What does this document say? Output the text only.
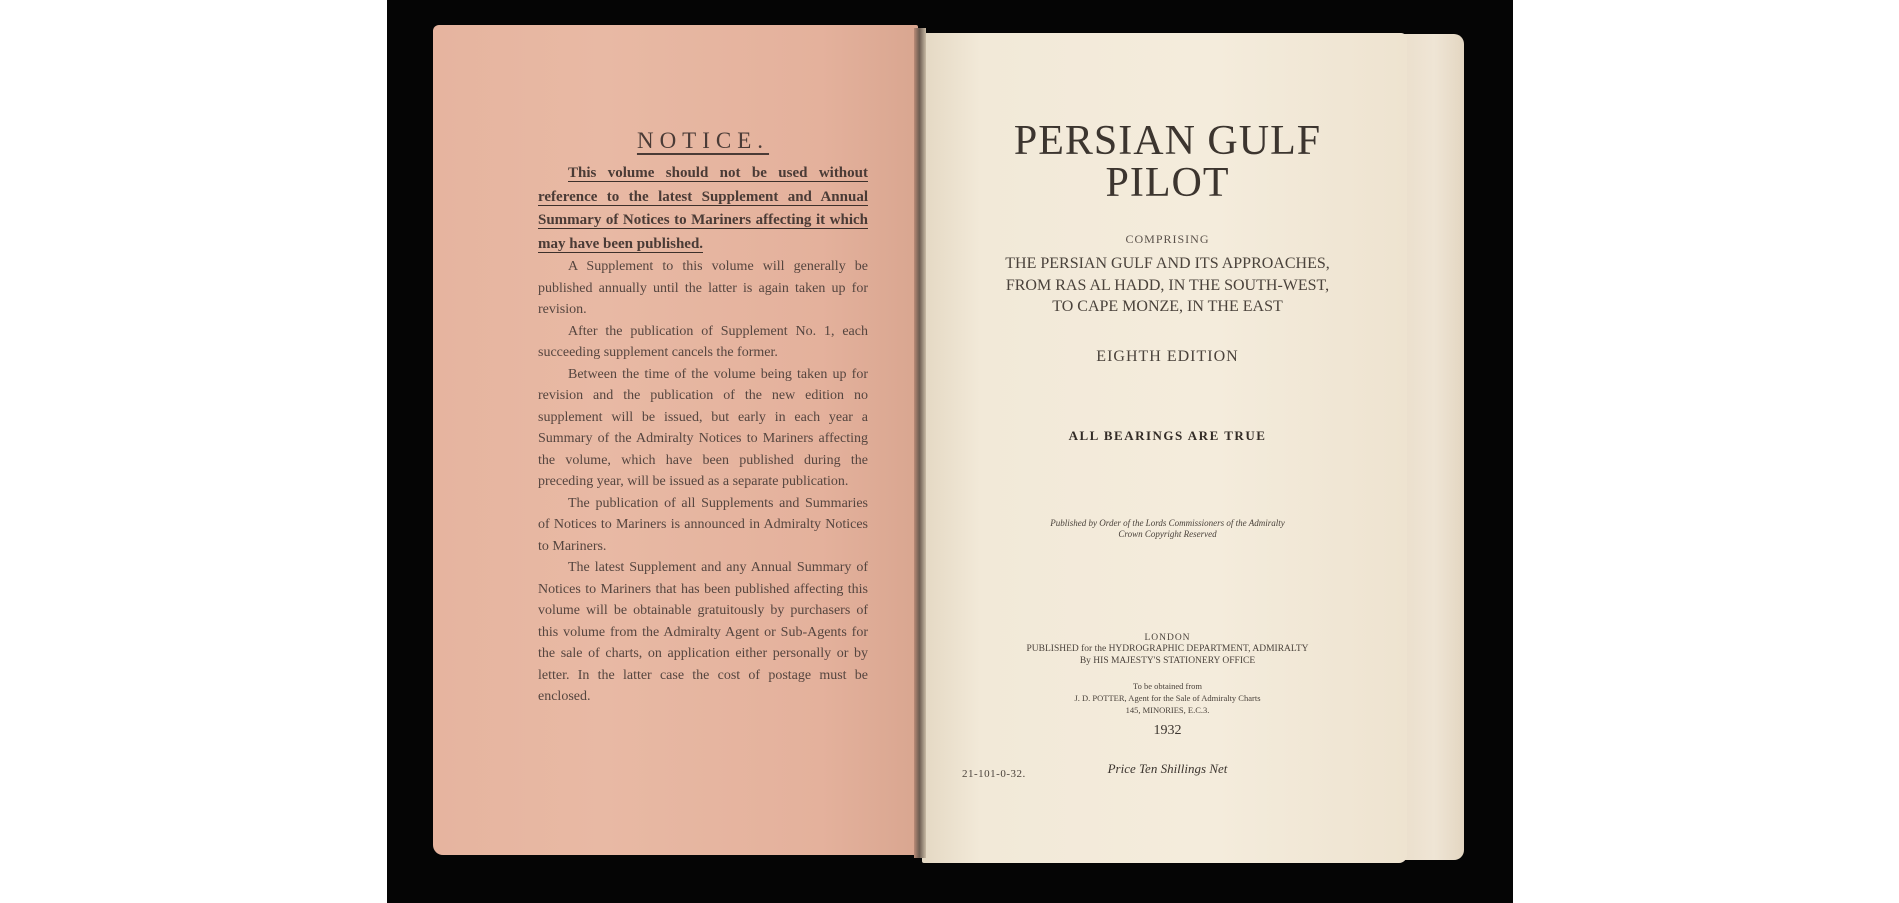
NOTICE.

This volume should not be used without reference to the latest Supplement and Annual Summary of Notices to Mariners affecting it which may have been published.

A Supplement to this volume will generally be published annually until the latter is again taken up for revision.

After the publication of Supplement No. 1, each succeeding supplement cancels the former.

Between the time of the volume being taken up for revision and the publication of the new edition no supplement will be issued, but early in each year a Summary of the Admiralty Notices to Mariners affecting the volume, which have been published during the preceding year, will be issued as a separate publication.

The publication of all Supplements and Summaries of Notices to Mariners is announced in Admiralty Notices to Mariners.

The latest Supplement and any Annual Summary of Notices to Mariners that has been published affecting this volume will be obtainable gratuitously by purchasers of this volume from the Admiralty Agent or Sub-Agents for the sale of charts, on application either personally or by letter. In the latter case the cost of postage must be enclosed.

PERSIAN GULF

PILOT

COMPRISING

THE PERSIAN GULF AND ITS APPROACHES,

FROM RAS AL HADD, IN THE SOUTH-WEST,

TO CAPE MONZE, IN THE EAST

EIGHTH EDITION

ALL BEARINGS ARE TRUE

Published by Order of the Lords Commissioners of the Admiralty

Crown Copyright Reserved

LONDON

PUBLISHED for the HYDROGRAPHIC DEPARTMENT, ADMIRALTY

By HIS MAJESTY'S STATIONERY OFFICE

To be obtained from

J. D. POTTER, Agent for the Sale of Admiralty Charts

145, MINORIES, E.C.3.

1932

Price Ten Shillings Net

21-101-0-32.
